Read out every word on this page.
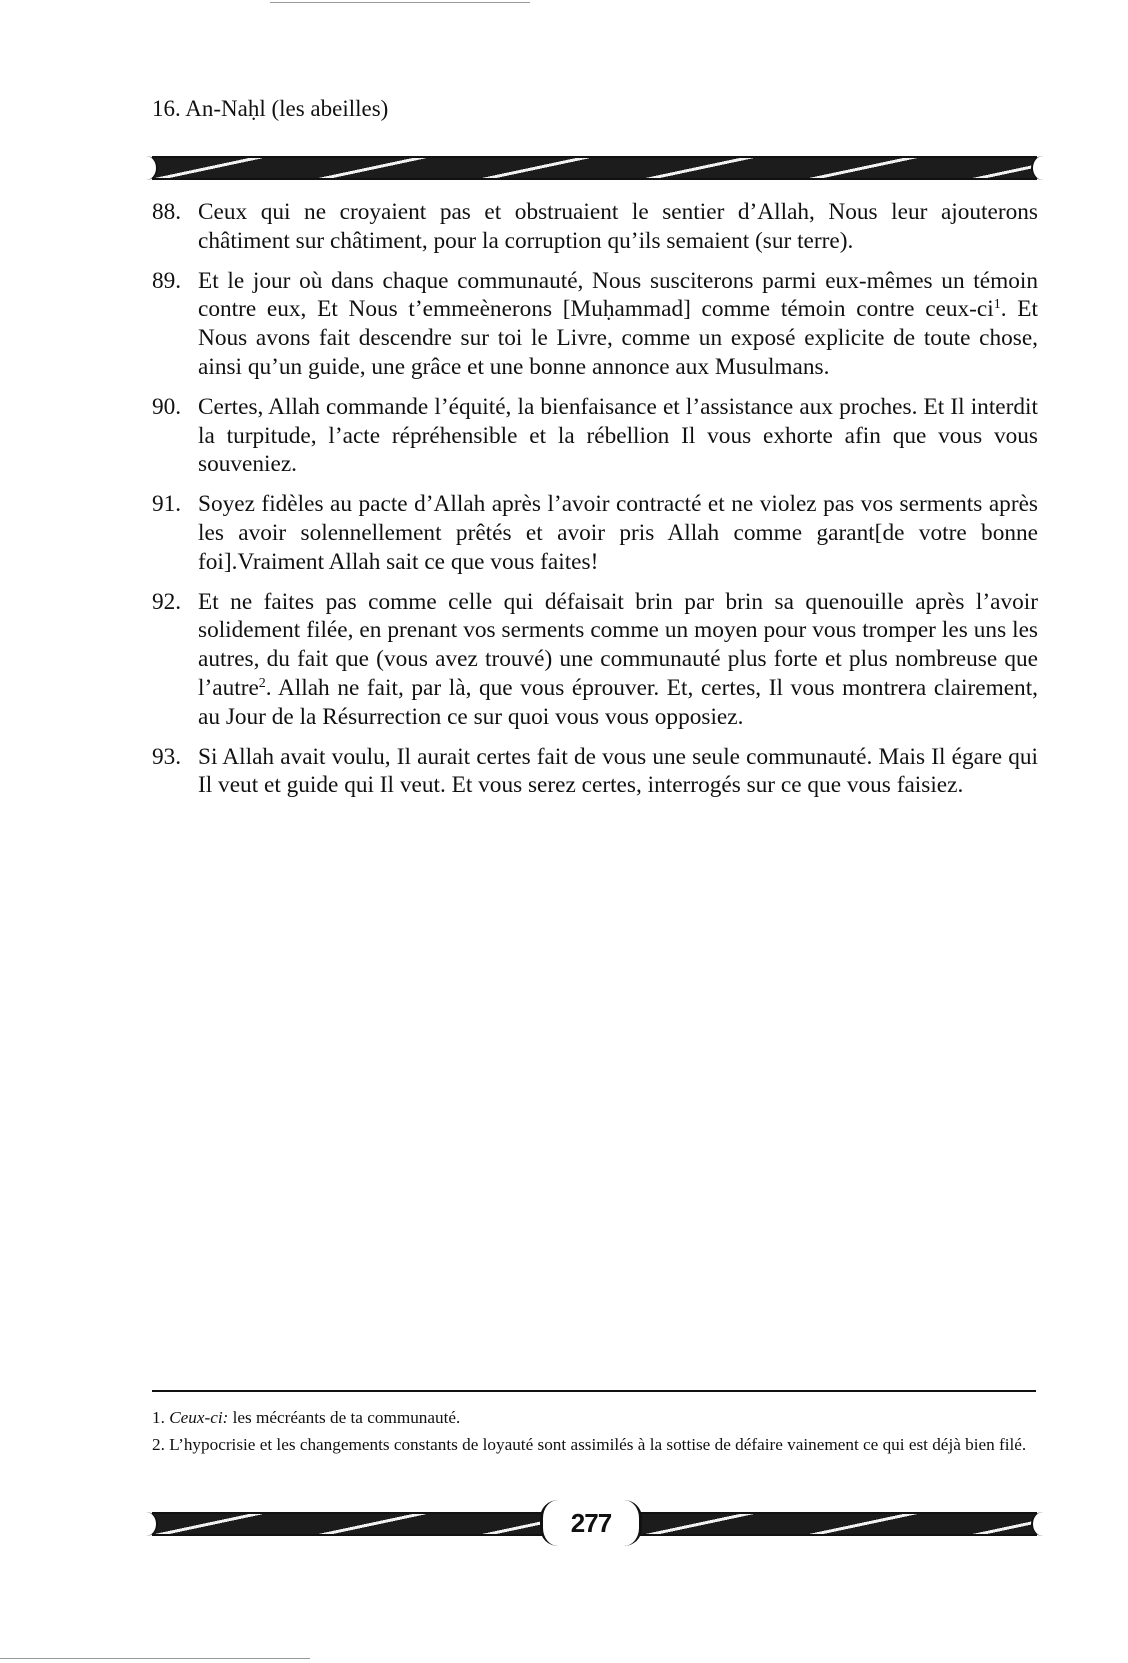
16. An-Naḥl (les abeilles)
88. Ceux qui ne croyaient pas et obstruaient le sentier d’Allah, Nous leur ajouterons châtiment sur châtiment, pour la corruption qu’ils semaient (sur terre).
89. Et le jour où dans chaque communauté, Nous susciterons parmi eux-mêmes un témoin contre eux, Et Nous t’emmeènerons [Muḥammad] comme témoin contre ceux-$ci^1$. Et Nous avons fait descendre sur toi le Livre, comme un exposé explicite de toute chose, ainsi qu’un guide, une grâce et une bonne annonce aux Musulmans.
90. Certes, Allah commande l’équité, la bienfaisance et l’assistance aux proches. Et Il interdit la turpitude, l’acte répréhensible et la rébellion Il vous exhorte afin que vous vous souveniez.
91. Soyez fidèles au pacte d’Allah après l’avoir contracté et ne violez pas vos serments après les avoir solennellement prêtés et avoir pris Allah comme garant[de votre bonne foi].Vraiment Allah sait ce que vous faites!
92. Et ne faites pas comme celle qui défaisait brin par brin sa quenouille après l’avoir solidement filée, en prenant vos serments comme un moyen pour vous tromper les uns les autres, du fait que (vous avez trouvé) une communauté plus forte et plus nombreuse que l’autre$^2$. Allah ne fait, par là, que vous éprouver. Et, certes, Il vous montrera clairement, au Jour de la Résurrection ce sur quoi vous vous opposiez.
93. Si Allah avait voulu, Il aurait certes fait de vous une seule communauté. Mais Il égare qui Il veut et guide qui Il veut. Et vous serez certes, interrogés sur ce que vous faisiez.
1. Ceux-ci: les mécréants de ta communauté.
2. L’hypocrisie et les changements constants de loyauté sont assimilés à la sottise de défaire vainement ce qui est déjà bien filé.
277
